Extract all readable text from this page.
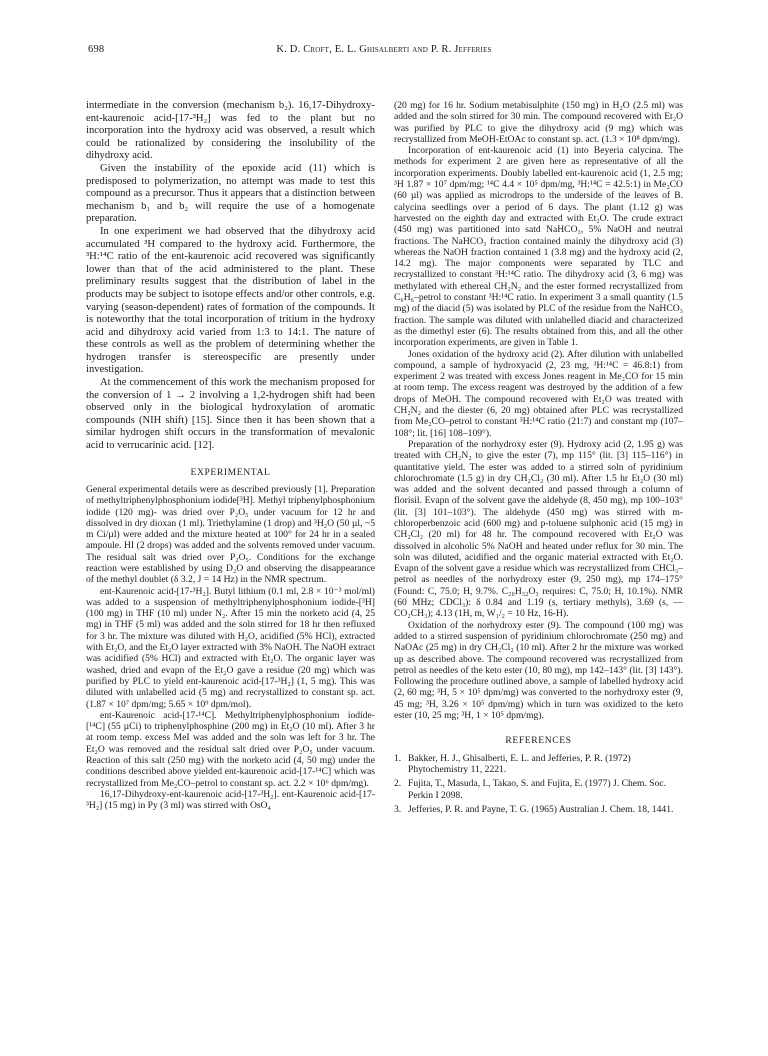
698	K. D. Croft, E. L. Ghisalberti and P. R. Jefferies

intermediate in the conversion (mechanism b₂). 16,17-Dihydroxy-ent-kaurenoic acid-[17-³H₂] was fed to the plant but no incorporation into the hydroxy acid was observed, a result which could be rationalized by considering the insolubility of the dihydroxy acid.

Given the instability of the epoxide acid (11) which is predisposed to polymerization, no attempt was made to test this compound as a precursor. Thus it appears that a distinction between mechanism b₁ and b₂ will require the use of a homogenate preparation.

In one experiment we had observed that the dihydroxy acid accumulated ³H compared to the hydroxy acid. Furthermore, the ³H:¹⁴C ratio of the ent-kaurenoic acid recovered was significantly lower than that of the acid administered to the plant. These preliminary results suggest that the distribution of label in the products may be subject to isotope effects and/or other controls, e.g. varying (season-dependent) rates of formation of the compounds. It is noteworthy that the total incorporation of tritium in the hydroxy acid and dihydroxy acid varied from 1:3 to 14:1. The nature of these controls as well as the problem of determining whether the hydrogen transfer is stereospecific are presently under investigation.

At the commencement of this work the mechanism proposed for the conversion of 1 → 2 involving a 1,2-hydrogen shift had been observed only in the biological hydroxylation of aromatic compounds (NIH shift) [15]. Since then it has been shown that a similar hydrogen shift occurs in the transformation of mevalonic acid to verrucarinic acid. [12].

EXPERIMENTAL

General experimental details were as described previously [1]. Preparation of methyltriphenylphosphonium iodide[³H]. Methyl triphenylphosphonium iodide (120 mg)- was dried over P₂O₅ under vacuum for 12 hr and dissolved in dry dioxan (1 ml). Triethylamine (1 drop) and ³H₂O (50 µl, ~5 m Ci/µl) were added and the mixture heated at 100° for 24 hr in a sealed ampoule. HI (2 drops) was added and the solvents removed under vacuum. The residual salt was dried over P₂O₅. Conditions for the exchange reaction were established by using D₂O and observing the disappearance of the methyl doublet (δ 3.2, J = 14 Hz) in the NMR spectrum.

ent-Kaurenoic acid-[17-³H₂]. Butyl lithium (0.1 ml, 2.8 × 10⁻³ mol/ml) was added to a suspension of methyltriphenylphosphonium iodide-[³H] (100 mg) in THF (10 ml) under N₂. After 15 min the norketo acid (4, 25 mg) in THF (5 ml) was added and the soln stirred for 18 hr then refluxed for 3 hr. The mixture was diluted with H₂O, acidified (5% HCl), extracted with Et₂O, and the Et₂O layer extracted with 3% NaOH. The NaOH extract was acidified (5% HCl) and extracted with Et₂O. The organic layer was washed, dried and evapn of the Et₂O gave a residue (20 mg) which was purified by PLC to yield ent-kaurenoic acid-[17-³H₂] (1, 5 mg). This was diluted with unlabelled acid (5 mg) and recrystallized to constant sp. act. (1.87 × 10⁷ dpm/mg; 5.65 × 10⁹ dpm/mol).

ent-Kaurenoic acid-[17-¹⁴C]. Methyltriphenylphosphonium iodide-[¹⁴C] (55 µCi) to triphenylphosphine (200 mg) in Et₂O (10 ml). After 3 hr at room temp. excess MeI was added and the soln was left for 3 hr. The Et₂O was removed and the residual salt dried over P₂O₅ under vacuum. Reaction of this salt (250 mg) with the norketo acid (4, 50 mg) under the conditions described above yielded ent-kaurenoic acid-[17-¹⁴C] which was recrystallized from Me₂CO–petrol to constant sp. act. 2.2 × 10⁶ dpm/mg).

16,17-Dihydroxy-ent-kaurenoic acid-[17-³H₂]. ent-Kaurenoic acid-[17-³H₂] (15 mg) in Py (3 ml) was stirred with OsO₄

(20 mg) for 16 hr. Sodium metabisulphite (150 mg) in H₂O (2.5 ml) was added and the soln stirred for 30 min. The compound recovered with Et₂O was purified by PLC to give the dihydroxy acid (9 mg) which was recrystallized from MeOH-EtOAc to constant sp. act. (1.3 × 10⁸ dpm/mg).

Incorporation of ent-kaurenoic acid (1) into Beyeria calycina. The methods for experiment 2 are given here as representative of all the incorporation experiments. Doubly labelled ent-kaurenoic acid (1, 2.5 mg; ³H 1.87 × 10⁷ dpm/mg; ¹⁴C 4.4 × 10⁵ dpm/mg, ³H:¹⁴C = 42.5:1) in Me₂CO (60 µl) was applied as microdrops to the underside of the leaves of B. calycina seedlings over a period of 6 days. The plant (1.12 g) was harvested on the eighth day and extracted with Et₂O. The crude extract (450 mg) was partitioned into satd NaHCO₃, 5% NaOH and neutral fractions. The NaHCO₃ fraction contained mainly the dihydroxy acid (3) whereas the NaOH fraction contained 1 (3.8 mg) and the hydroxy acid (2, 14.2 mg). The major components were separated by TLC and recrystallized to constant ³H:¹⁴C ratio. The dihydroxy acid (3, 6 mg) was methylated with ethereal CH₂N₂ and the ester formed recrystallized from C₆H₆–petrol to constant ³H:¹⁴C ratio. In experiment 3 a small quantity (1.5 mg) of the diacid (5) was isolated by PLC of the residue from the NaHCO₃ fraction. The sample was diluted with unlabelled diacid and characterized as the dimethyl ester (6). The results obtained from this, and all the other incorporation experiments, are given in Table 1.

Jones oxidation of the hydroxy acid (2). After dilution with unlabelled compound, a sample of hydroxyacid (2, 23 mg, ³H:¹⁴C = 46.8:1) from experiment 2 was treated with excess Jones reagent in Me₂CO for 15 min at room temp. The excess reagent was destroyed by the addition of a few drops of MeOH. The compound recovered with Et₂O was treated with CH₂N₂ and the diester (6, 20 mg) obtained after PLC was recrystallized from Me₂CO–petrol to constant ³H:¹⁴C ratio (21:7) and constant mp (107–108°; lit. [16] 108–109°).

Preparation of the norhydroxy ester (9). Hydroxy acid (2, 1.95 g) was treated with CH₂N₂ to give the ester (7), mp 115° (lit. [3] 115–116°) in quantitative yield. The ester was added to a stirred soln of pyridinium chlorochromate (1.5 g) in dry CH₂Cl₂ (30 ml). After 1.5 hr Et₂O (30 ml) was added and the solvent decanted and passed through a column of florisil. Evapn of the solvent gave the aldehyde (8, 450 mg), mp 100–103° (lit. [3] 101–103°). The aldehyde (450 mg) was stirred with m-chloroperbenzoic acid (600 mg) and p-toluene sulphonic acid (15 mg) in CH₂Cl₂ (20 ml) for 48 hr. The compound recovered with Et₂O was dissolved in alcoholic 5% NaOH and heated under reflux for 30 min. The soln was diluted, acidified and the organic material extracted with Et₂O. Evapn of the solvent gave a residue which was recrystallized from CHCl₃–petrol as needles of the norhydroxy ester (9, 250 mg), mp 174–175° (Found: C, 75.0; H, 9.7%. C₂₀H₃₂O₃ requires: C, 75.0; H, 10.1%). NMR (60 MHz; CDCl₃): δ 0.84 and 1.19 (s, tertiary methyls), 3.69 (s, —CO₂CH₃); 4.13 (1H, m, W₁/₂ = 10 Hz, 16-H).

Oxidation of the norhydroxy ester (9). The compound (100 mg) was added to a stirred suspension of pyridinium chlorochromate (250 mg) and NaOAc (25 mg) in dry CH₂Cl₂ (10 ml). After 2 hr the mixture was worked up as described above. The compound recovered was recrystallized from petrol as needles of the keto ester (10, 80 mg), mp 142–143° (lit. [3] 143°). Following the procedure outlined above, a sample of labelled hydroxy acid (2, 60 mg; ³H, 5 × 10⁵ dpm/mg) was converted to the norhydroxy ester (9, 45 mg; ³H, 3.26 × 10⁵ dpm/mg) which in turn was oxidized to the keto ester (10, 25 mg; ³H, 1 × 10⁵ dpm/mg).

REFERENCES
1. Bakker, H. J., Ghisalberti, E. L. and Jefferies, P. R. (1972) Phytochemistry 11, 2221.
2. Fujita, T., Masuda, I., Takao, S. and Fujita, E. (1977) J. Chem. Soc. Perkin I 2098.
3. Jefferies, P. R. and Payne, T. G. (1965) Australian J. Chem. 18, 1441.
